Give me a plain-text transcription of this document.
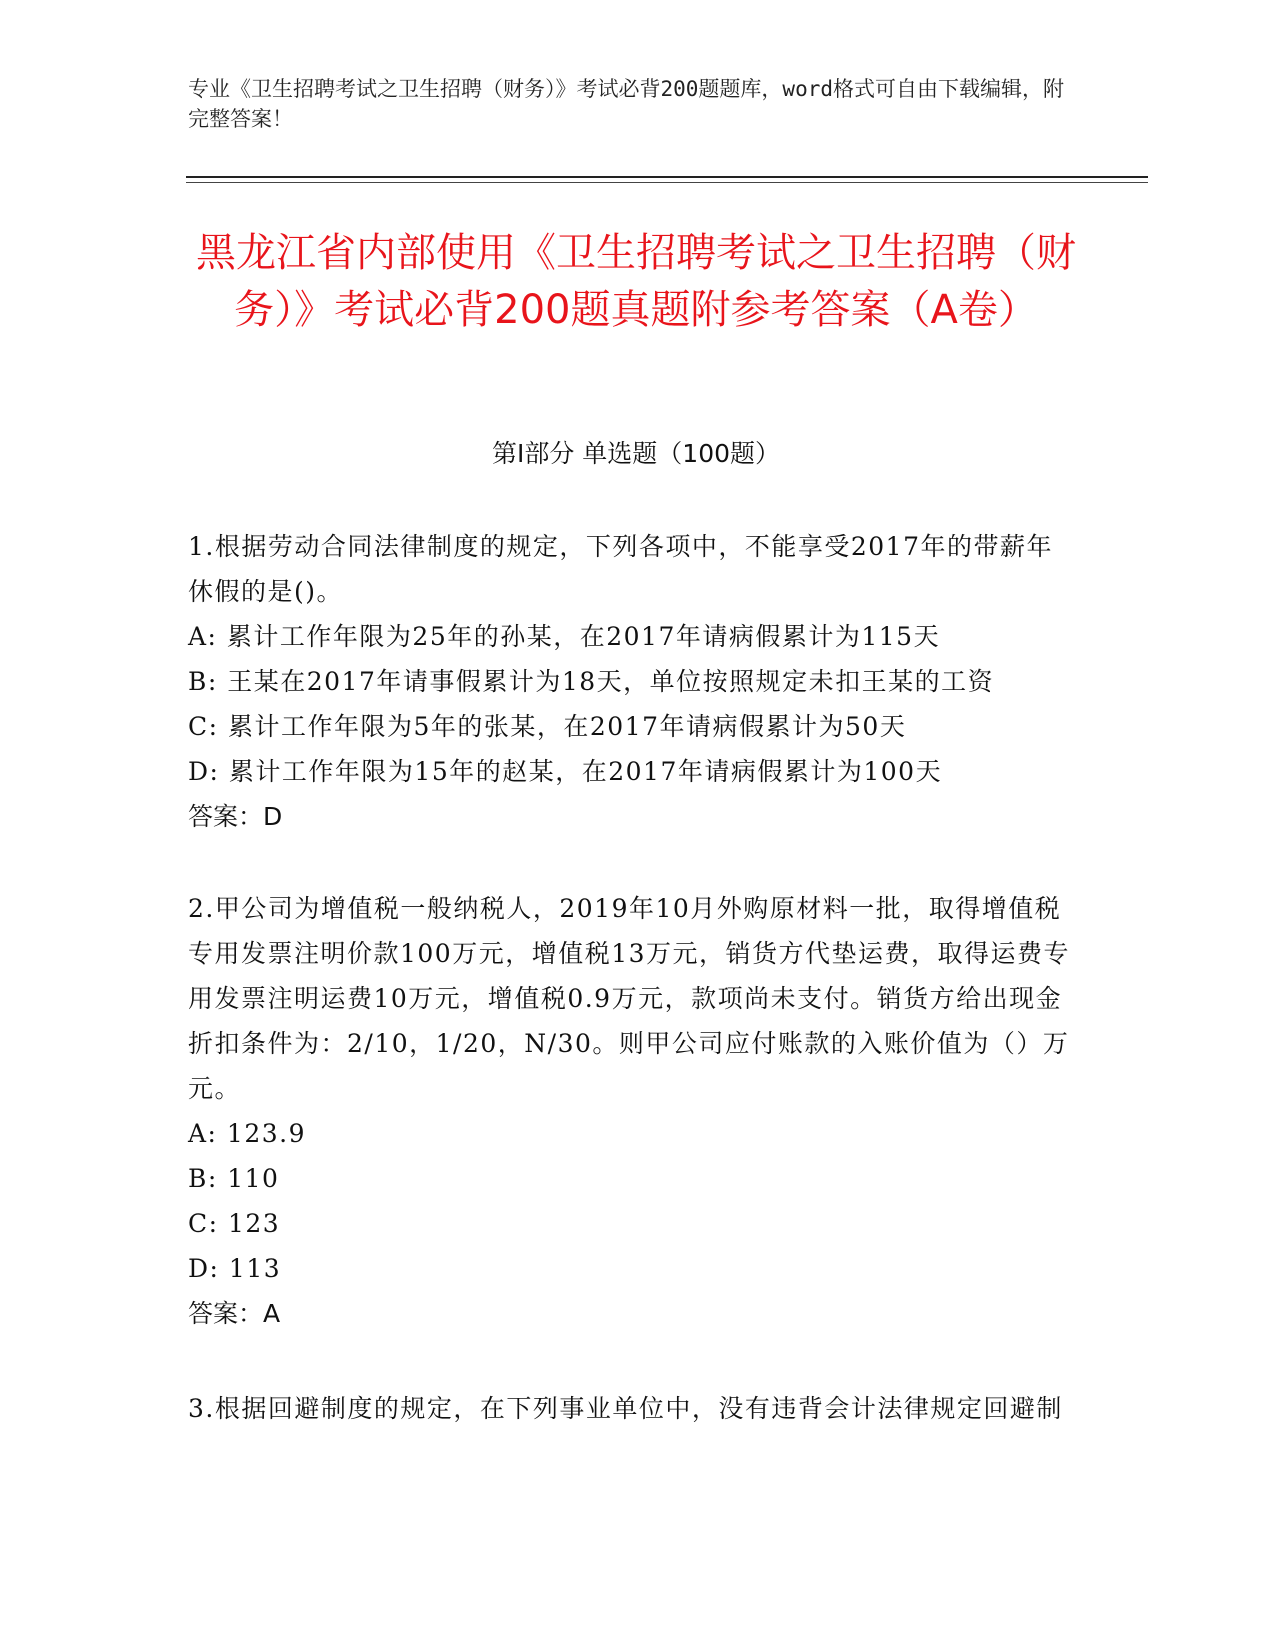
专业《卫生招聘考试之卫生招聘（财务）》考试必背200题题库，word格式可自由下载编辑，附完整答案！
黑龙江省内部使用《卫生招聘考试之卫生招聘（财务）》考试必背200题真题附参考答案（A卷）
第I部分 单选题（100题）

1.根据劳动合同法律制度的规定，下列各项中，不能享受2017年的带薪年休假的是()。

A: 累计工作年限为25年的孙某，在2017年请病假累计为115天

B: 王某在2017年请事假累计为18天，单位按照规定未扣王某的工资

C: 累计工作年限为5年的张某，在2017年请病假累计为50天

D: 累计工作年限为15年的赵某，在2017年请病假累计为100天

答案：D

2.甲公司为增值税一般纳税人，2019年10月外购原材料一批，取得增值税专用发票注明价款100万元，增值税13万元，销货方代垫运费，取得运费专用发票注明运费10万元，增值税0.9万元，款项尚未支付。销货方给出现金折扣条件为：2/10，1/20，N/30。则甲公司应付账款的入账价值为（）万元。

A: 123.9

B: 110

C: 123

D: 113

答案：A

3.根据回避制度的规定，在下列事业单位中，没有违背会计法律规定回避制
